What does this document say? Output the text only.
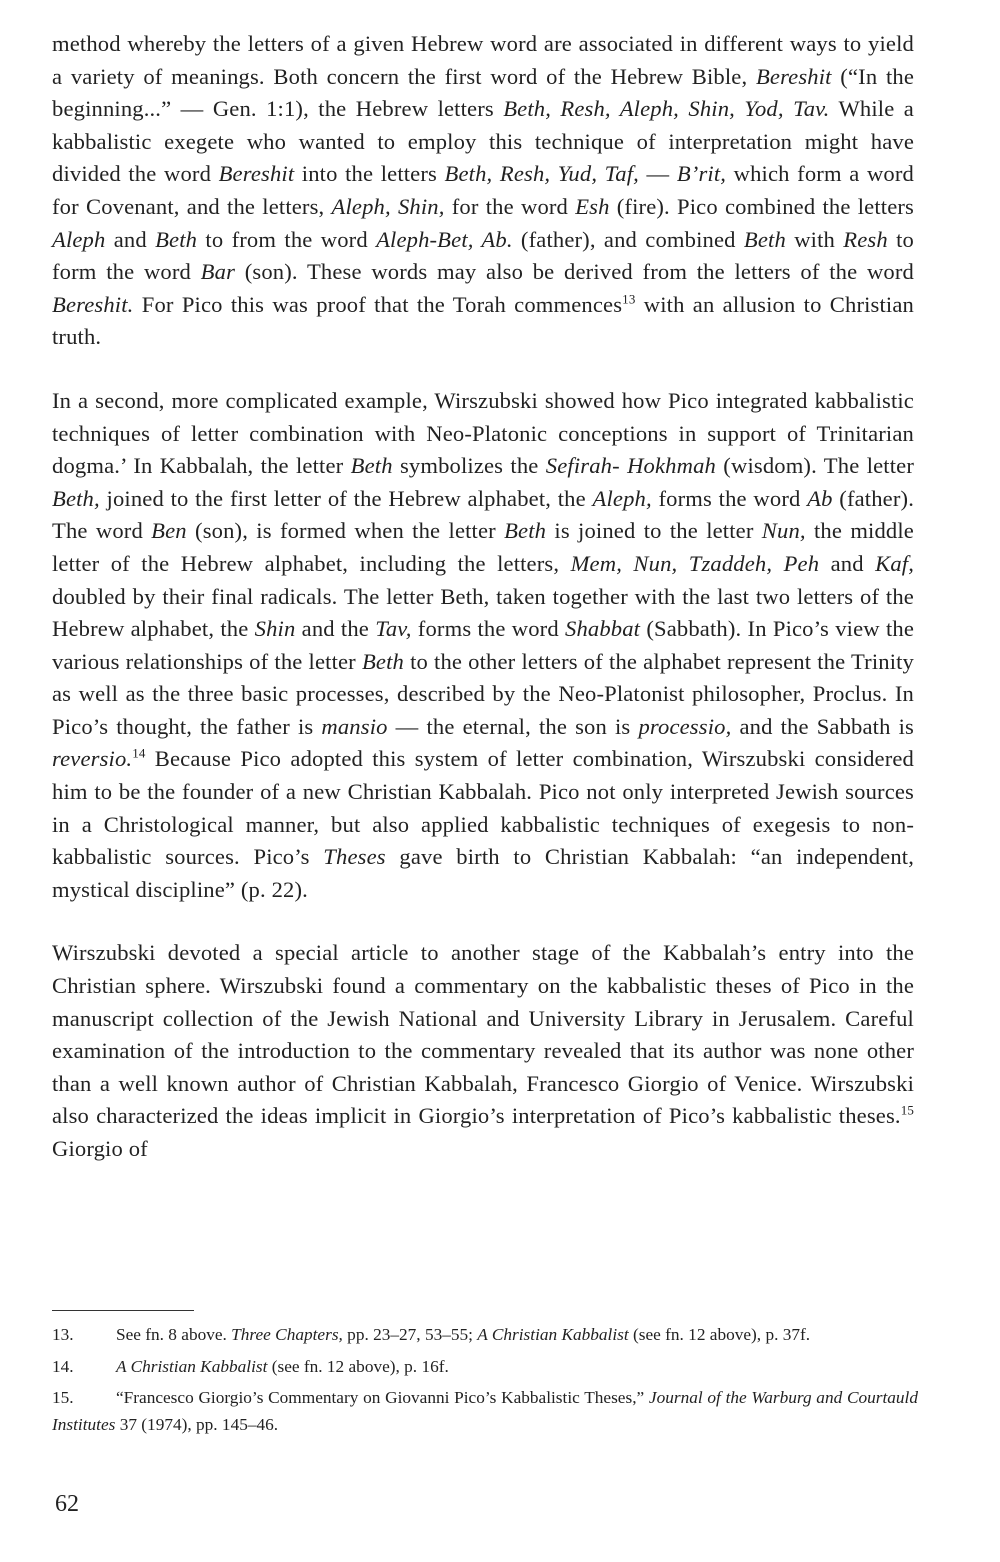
method whereby the letters of a given Hebrew word are associated in different ways to yield a variety of meanings. Both concern the first word of the Hebrew Bible, Bereshit (“In the beginning...” — Gen. 1:1), the Hebrew letters Beth, Resh, Aleph, Shin, Yod, Tav. While a kabbalistic exegete who wanted to employ this technique of interpretation might have divided the word Bereshit into the letters Beth, Resh, Yud, Taf, — B’rit, which form a word for Covenant, and the letters, Aleph, Shin, for the word Esh (fire). Pico combined the letters Aleph and Beth to from the word Aleph-Bet, Ab. (father), and combined Beth with Resh to form the word Bar (son). These words may also be derived from the letters of the word Bereshit. For Pico this was proof that the Torah commences$^{13}$ with an allusion to Christian truth.

In a second, more complicated example, Wirszubski showed how Pico integrated kabbalistic techniques of letter combination with Neo-Platonic conceptions in support of Trinitarian dogma.’ In Kabbalah, the letter Beth symbolizes the Sefirah- Hokhmah (wisdom). The letter Beth, joined to the first letter of the Hebrew alphabet, the Aleph, forms the word Ab (father). The word Ben (son), is formed when the letter Beth is joined to the letter Nun, the middle letter of the Hebrew alphabet, including the letters, Mem, Nun, Tzaddeh, Peh and Kaf, doubled by their final radicals. The letter Beth, taken together with the last two letters of the Hebrew alphabet, the Shin and the Tav, forms the word Shabbat (Sabbath). In Pico’s view the various relationships of the letter Beth to the other letters of the alphabet represent the Trinity as well as the three basic processes, described by the Neo-Platonist philosopher, Proclus. In Pico’s thought, the father is mansio — the eternal, the son is processio, and the Sabbath is reversio.$^{14}$ Because Pico adopted this system of letter combination, Wirszubski considered him to be the founder of a new Christian Kabbalah. Pico not only interpreted Jewish sources in a Christological manner, but also applied kabbalistic techniques of exegesis to non-kabbalistic sources. Pico’s Theses gave birth to Christian Kabbalah: “an independent, mystical discipline” (p. 22).

Wirszubski devoted a special article to another stage of the Kabbalah’s entry into the Christian sphere. Wirszubski found a commentary on the kabbalistic theses of Pico in the manuscript collection of the Jewish National and University Library in Jerusalem. Careful examination of the introduction to the commentary revealed that its author was none other than a well known author of Christian Kabbalah, Francesco Giorgio of Venice. Wirszubski also characterized the ideas implicit in Giorgio’s interpretation of Pico’s kabbalistic theses.$^{15}$ Giorgio of

13. See fn. 8 above. Three Chapters, pp. 23–27, 53–55; A Christian Kabbalist (see fn. 12 above), p. 37f.

14. A Christian Kabbalist (see fn. 12 above), p. 16f.

15. “Francesco Giorgio’s Commentary on Giovanni Pico’s Kabbalistic Theses,” Journal of the Warburg and Courtauld Institutes 37 (1974), pp. 145–46.

62
